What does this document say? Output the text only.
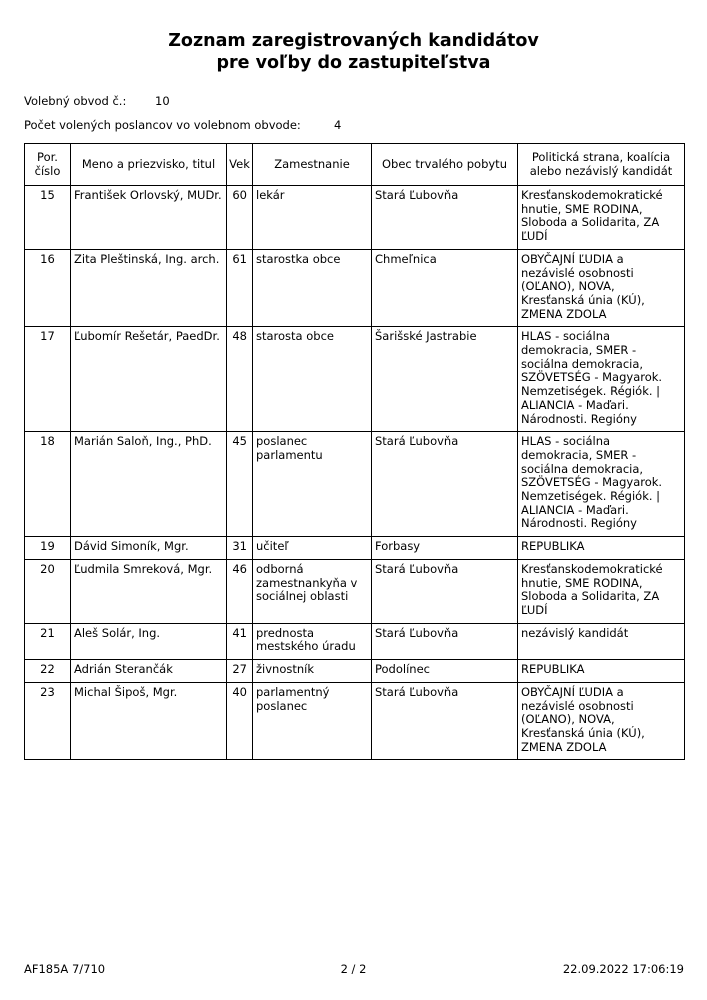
Zoznam zaregistrovaných kandidátov
pre voľby do zastupiteľstva
Volebný obvod č.: 10
Počet volených poslancov vo volebnom obvode:	4
Por. číslo	Meno a priezvisko, titul	Vek	Zamestnanie	Obec trvalého pobytu	Politická strana, koalícia alebo nezávislý kandidát
15	František Orlovský, MUDr.	60	lekár	Stará Ľubovňa	Kresťanskodemokratické hnutie, SME RODINA, Sloboda a Solidarita, ZA ĽUDÍ
16	Zita Pleštinská, Ing. arch.	61	starostka obce	Chmeľnica	OBYČAJNÍ ĽUDIA a nezávislé osobnosti (OĽANO), NOVA, Kresťanská únia (KÚ), ZMENA ZDOLA
17	Ľubomír Rešetár, PaedDr.	48	starosta obce	Šarišské Jastrabie	HLAS - sociálna demokracia, SMER - sociálna demokracia, SZÖVETSÉG - Magyarok. Nemzetiségek. Régiók. | ALIANCIA - Maďari. Národnosti. Regióny
18	Marián Saloň, Ing., PhD.	45	poslanec parlamentu	Stará Ľubovňa	HLAS - sociálna demokracia, SMER - sociálna demokracia, SZÖVETSÉG - Magyarok. Nemzetiségek. Régiók. | ALIANCIA - Maďari. Národnosti. Regióny
19	Dávid Simoník, Mgr.	31	učiteľ	Forbasy	REPUBLIKA
20	Ľudmila Smreková, Mgr.	46	odborná zamestnankyňa v sociálnej oblasti	Stará Ľubovňa	Kresťanskodemokratické hnutie, SME RODINA, Sloboda a Solidarita, ZA ĽUDÍ
21	Aleš Solár, Ing.	41	prednosta mestského úradu	Stará Ľubovňa	nezávislý kandidát
22	Adrián Sterančák	27	živnostník	Podolínec	REPUBLIKA
23	Michal Šipoš, Mgr.	40	parlamentný poslanec	Stará Ľubovňa	OBYČAJNÍ ĽUDIA a nezávislé osobnosti (OĽANO), NOVA, Kresťanská únia (KÚ), ZMENA ZDOLA
AF185A 7/710	2 / 2	22.09.2022 17:06:19
